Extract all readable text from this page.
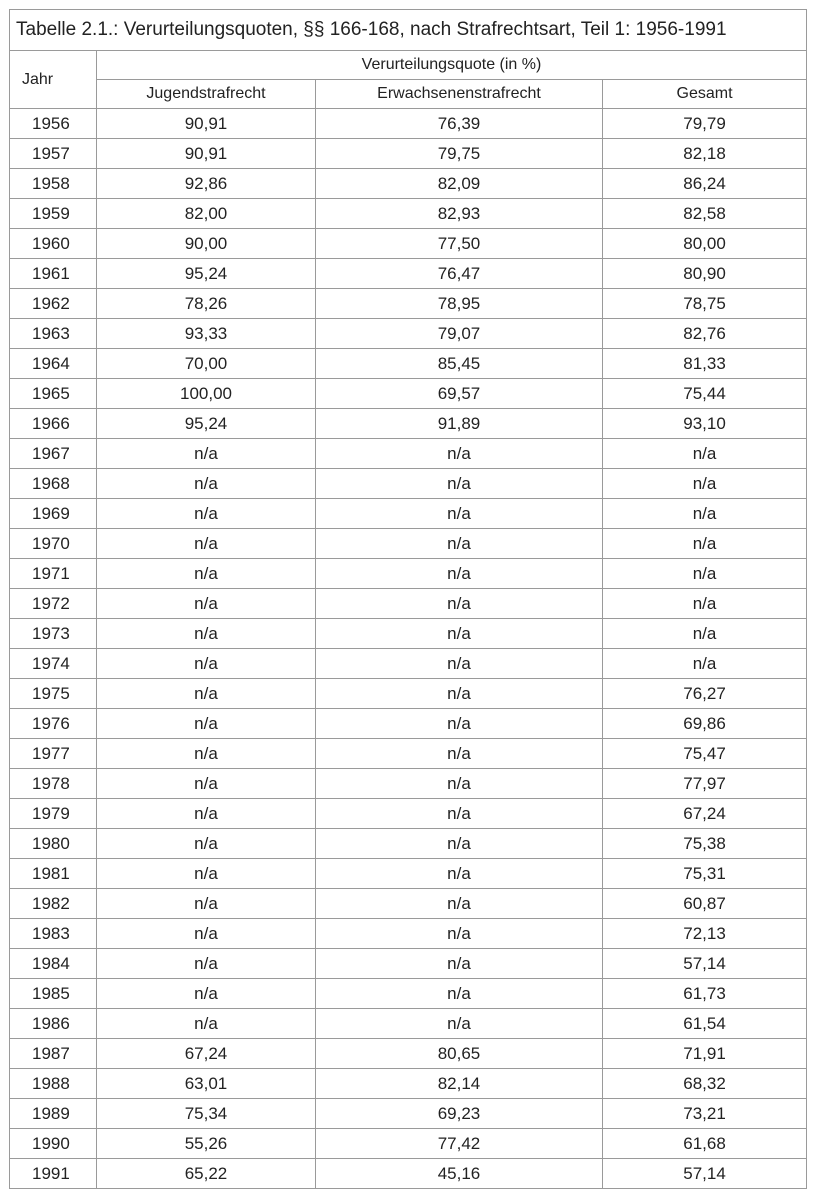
Tabelle 2.1.: Verurteilungsquoten, §§ 166-168, nach Strafrechtsart, Teil 1: 1956-1991			
Jahr	Verurteilungsquote (in %)		
	Jugendstrafrecht	Erwachsenenstrafrecht	Gesamt
1956	90,91	76,39	79,79
1957	90,91	79,75	82,18
1958	92,86	82,09	86,24
1959	82,00	82,93	82,58
1960	90,00	77,50	80,00
1961	95,24	76,47	80,90
1962	78,26	78,95	78,75
1963	93,33	79,07	82,76
1964	70,00	85,45	81,33
1965	100,00	69,57	75,44
1966	95,24	91,89	93,10
1967	n/a	n/a	n/a
1968	n/a	n/a	n/a
1969	n/a	n/a	n/a
1970	n/a	n/a	n/a
1971	n/a	n/a	n/a
1972	n/a	n/a	n/a
1973	n/a	n/a	n/a
1974	n/a	n/a	n/a
1975	n/a	n/a	76,27
1976	n/a	n/a	69,86
1977	n/a	n/a	75,47
1978	n/a	n/a	77,97
1979	n/a	n/a	67,24
1980	n/a	n/a	75,38
1981	n/a	n/a	75,31
1982	n/a	n/a	60,87
1983	n/a	n/a	72,13
1984	n/a	n/a	57,14
1985	n/a	n/a	61,73
1986	n/a	n/a	61,54
1987	67,24	80,65	71,91
1988	63,01	82,14	68,32
1989	75,34	69,23	73,21
1990	55,26	77,42	61,68
1991	65,22	45,16	57,14
